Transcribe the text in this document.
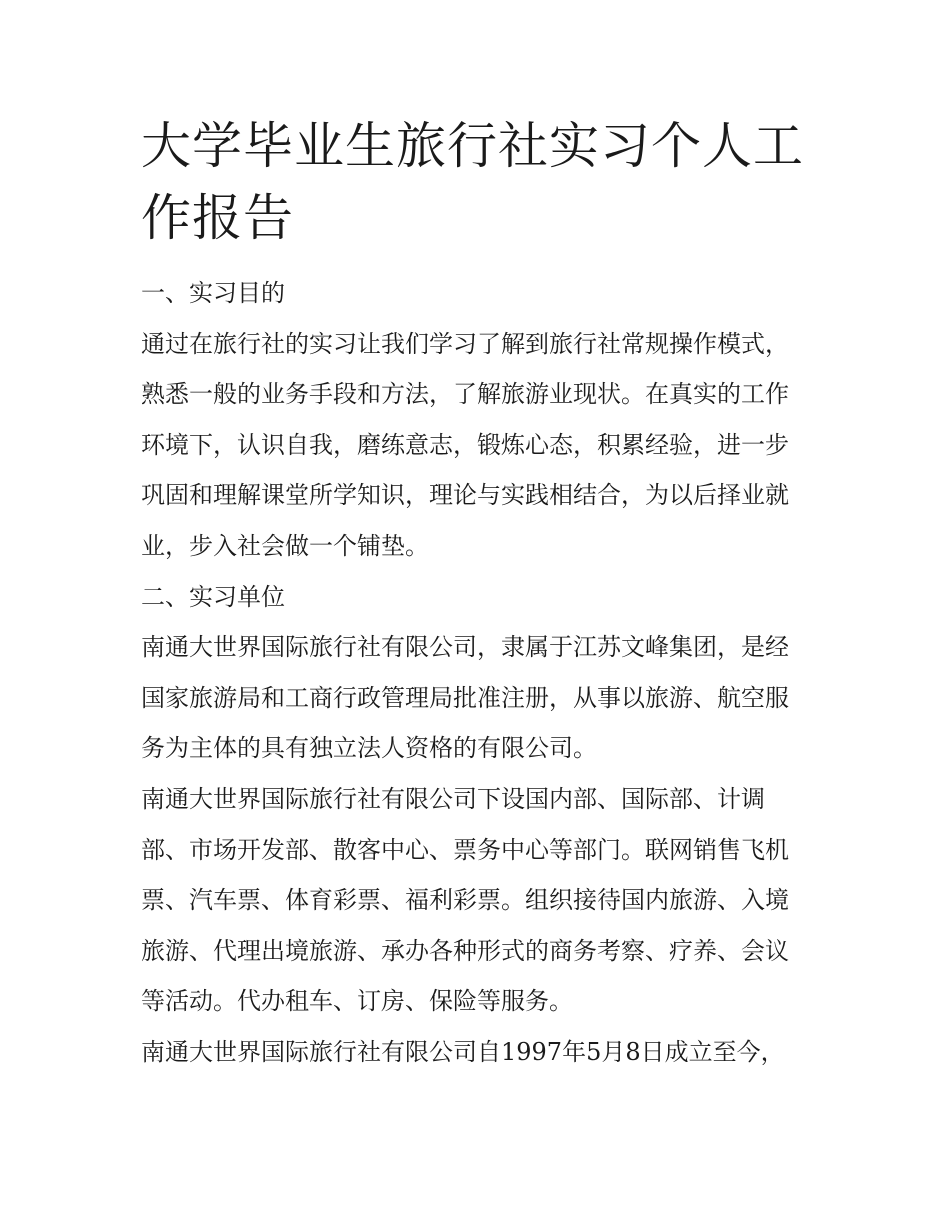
大学毕业生旅行社实习个人工
作报告

一、实习目的

通过在旅行社的实习让我们学习了解到旅行社常规操作模式，
熟悉一般的业务手段和方法，了解旅游业现状。在真实的工作
环境下，认识自我，磨练意志，锻炼心态，积累经验，进一步
巩固和理解课堂所学知识，理论与实践相结合，为以后择业就
业，步入社会做一个铺垫。

二、实习单位

南通大世界国际旅行社有限公司，隶属于江苏文峰集团，是经
国家旅游局和工商行政管理局批准注册，从事以旅游、航空服
务为主体的具有独立法人资格的有限公司。

南通大世界国际旅行社有限公司下设国内部、国际部、计调
部、市场开发部、散客中心、票务中心等部门。联网销售飞机
票、汽车票、体育彩票、福利彩票。组织接待国内旅游、入境
旅游、代理出境旅游、承办各种形式的商务考察、疗养、会议
等活动。代办租车、订房、保险等服务。

南通大世界国际旅行社有限公司自1997年5月8日成立至今，
